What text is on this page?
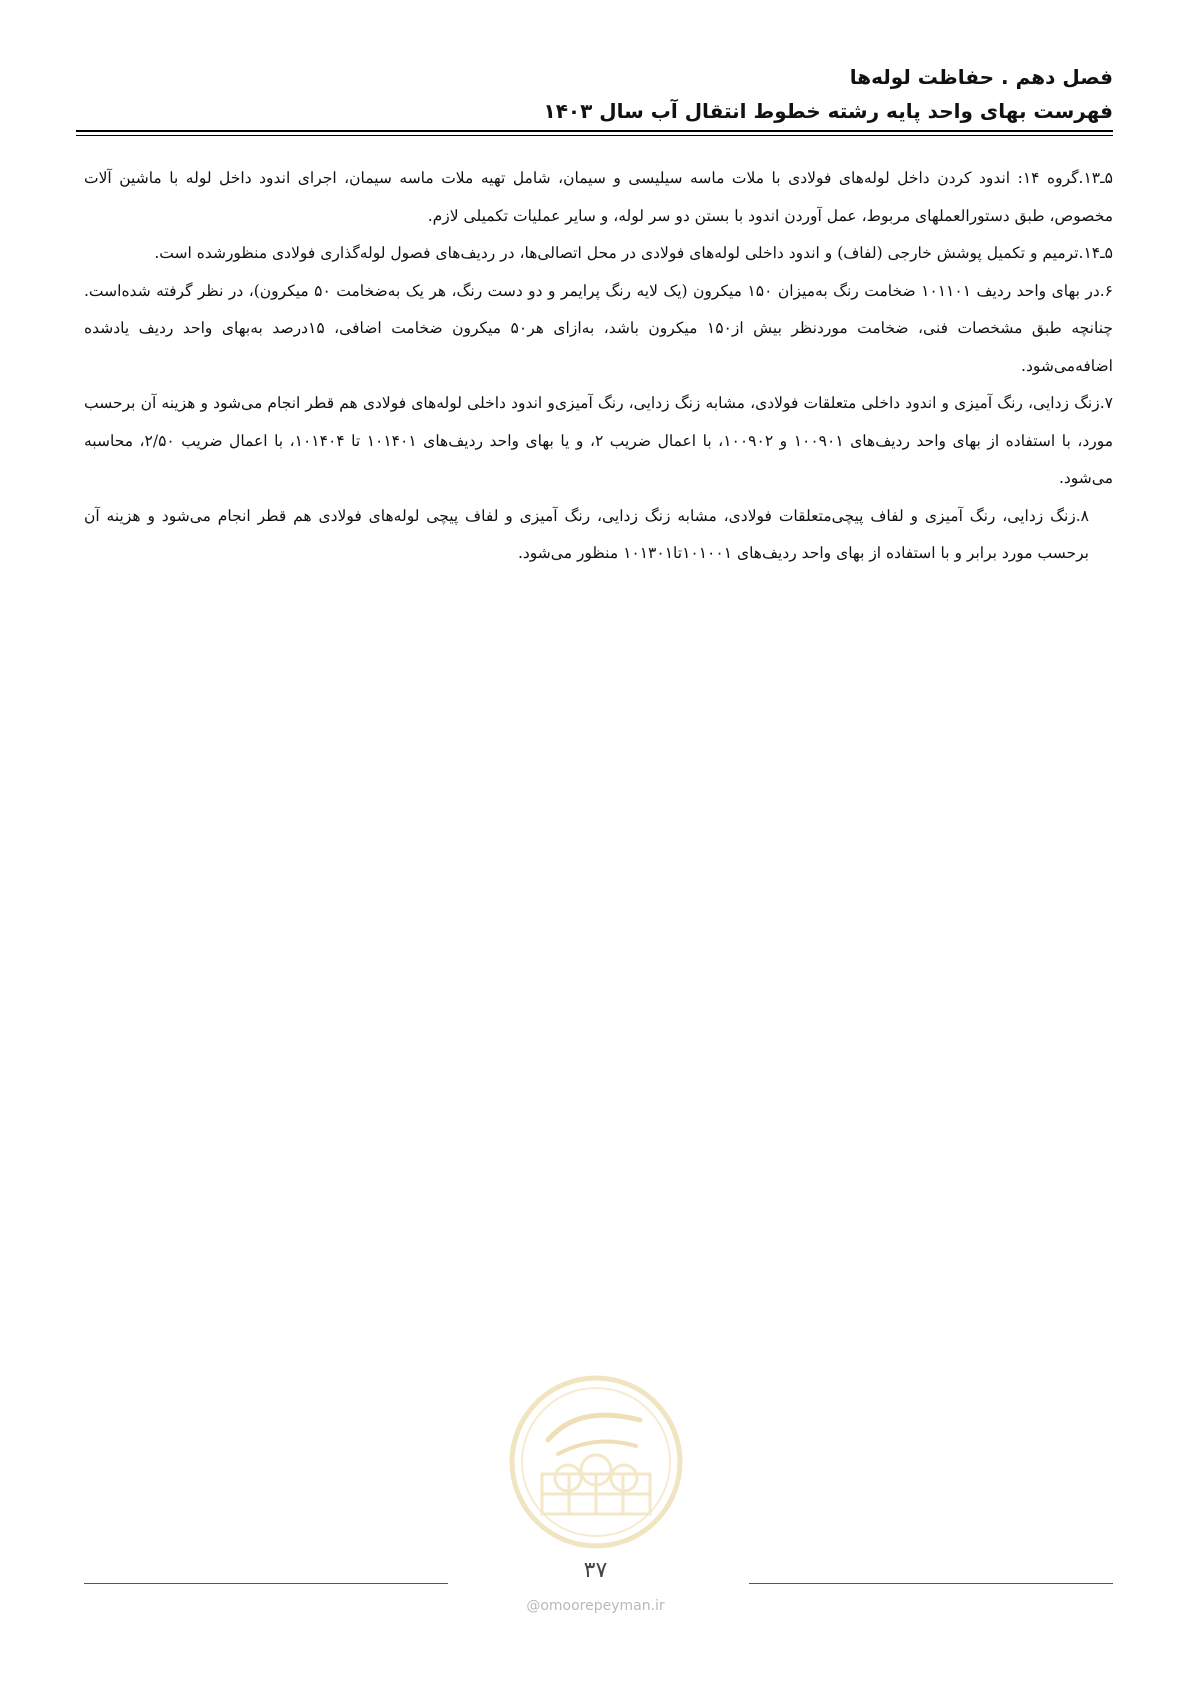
فصل دهم . حفاظت لوله‌ها
فهرست بهای واحد پایه رشته خطوط انتقال آب سال ۱۴۰۳

۵ـ۱۳.گروه ۱۴: اندود کردن داخل لوله‌های فولادی با ملات ماسه سیلیسی و سیمان، شامل تهیه ملات ماسه سیمان، اجرای اندود داخل لوله با ماشین آلات مخصوص، طبق دستورالعملهای مربوط، عمل آوردن اندود با بستن دو سر لوله، و سایر عملیات تکمیلی لازم.

۵ـ۱۴.ترمیم و تکمیل پوشش خارجی (لفاف) و اندود داخلی لوله‌های فولادی در محل اتصالی‌ها، در ردیف‌های فصول لوله‌گذاری فولادی منظورشده است.

۶.در بهای واحد ردیف ۱۰۱۱۰۱ ضخامت رنگ به‌میزان ۱۵۰ میکرون (یک لایه رنگ پرایمر و دو دست رنگ، هر یک به‌ضخامت ۵۰ میکرون)، در نظر گرفته شده‌است. چنانچه طبق مشخصات فنی، ضخامت موردنظر بیش از۱۵۰ میکرون باشد، به‌ازای هر۵۰ میکرون ضخامت اضافی، ۱۵درصد به‌بهای واحد ردیف یادشده اضافه‌می‌شود.

۷.زنگ زدایی، رنگ آمیزی و اندود داخلی متعلقات فولادی، مشابه زنگ زدایی، رنگ آمیزی‌و اندود داخلی لوله‌های فولادی هم قطر انجام می‌شود و هزینه آن برحسب مورد، با استفاده از بهای واحد ردیف‌های ۱۰۰۹۰۱ و ۱۰۰۹۰۲، با اعمال ضریب ۲، و یا بهای واحد ردیف‌های ۱۰۱۴۰۱ تا ۱۰۱۴۰۴، با اعمال ضریب ۲/۵۰، محاسبه می‌شود.

۸.زنگ زدایی، رنگ آمیزی و لفاف پیچی‌متعلقات فولادی، مشابه زنگ زدایی، رنگ آمیزی و لفاف پیچی لوله‌های فولادی هم قطر انجام می‌شود و هزینه آن برحسب مورد برابر و با استفاده از بهای واحد ردیف‌های ۱۰۱۰۰۱تا۱۰۱۳۰۱ منظور می‌شود.

۳۷
@omoorepeyman.ir
